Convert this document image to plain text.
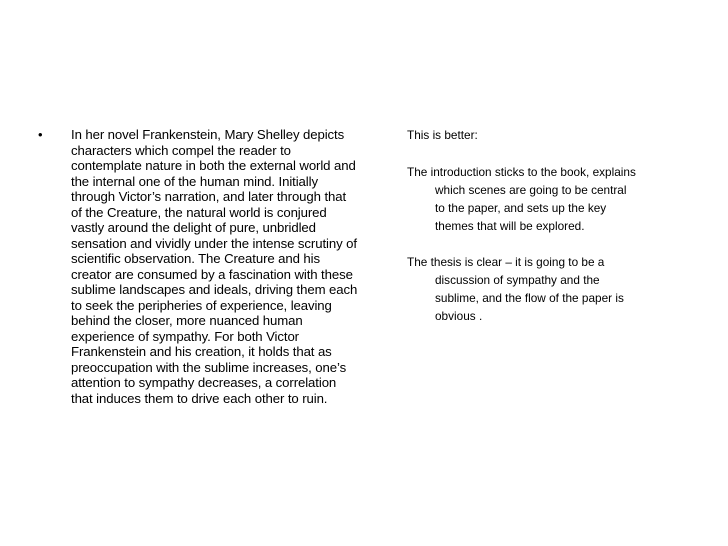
•	In her novel Frankenstein, Mary Shelley depicts characters which compel the reader to contemplate nature in both the external world and the internal one of the human mind. Initially through Victor’s narration, and later through that of the Creature, the natural world is conjured vastly around the delight of pure, unbridled sensation and vividly under the intense scrutiny of scientific observation. The Creature and his creator are consumed by a fascination with these sublime landscapes and ideals, driving them each to seek the peripheries of experience, leaving behind the closer, more nuanced human experience of sympathy. For both Victor Frankenstein and his creation, it holds that as preoccupation with the sublime increases, one’s attention to sympathy decreases, a correlation that induces them to drive each other to ruin.

This is better:

The introduction sticks to the book, explains which scenes are going to be central to the paper, and sets up the key themes that will be explored.

The thesis is clear – it is going to be a discussion of sympathy and the sublime, and the flow of the paper is obvious .
